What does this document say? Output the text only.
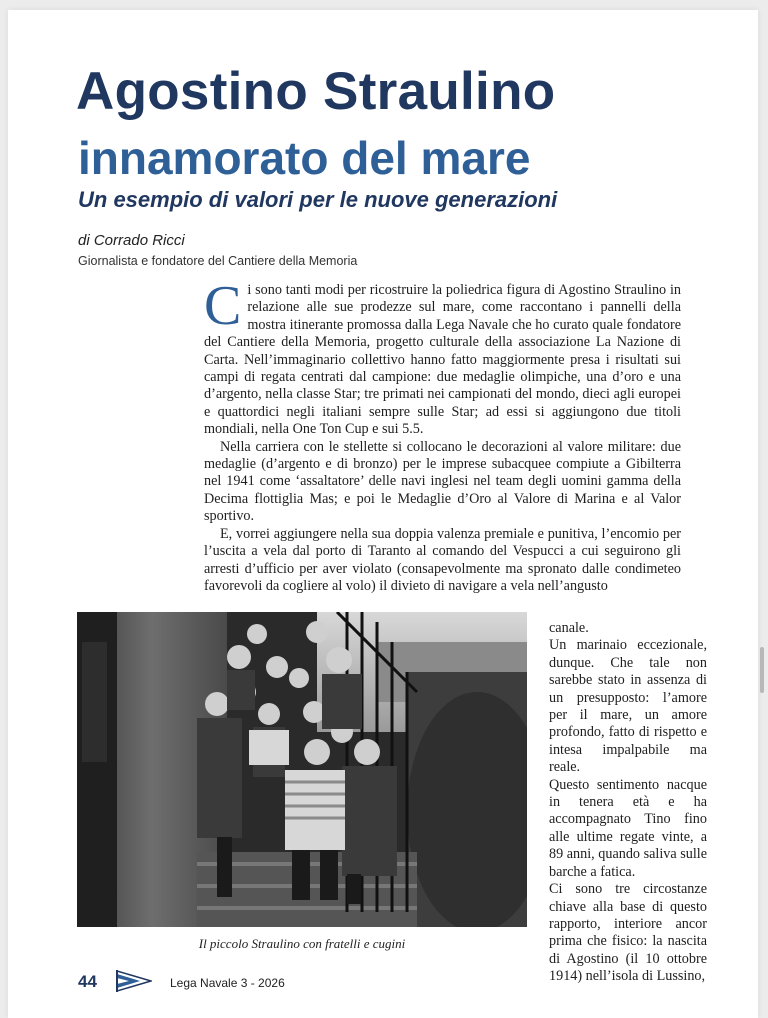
Agostino Straulino
innamorato del mare
Un esempio di valori per le nuove generazioni
di Corrado Ricci
Giornalista e fondatore del Cantiere della Memoria

Ci sono tanti modi per ricostruire la poliedrica figura di Agostino Straulino in relazione alle sue prodezze sul mare, come raccontano i pannelli della mostra itinerante promossa dalla Lega Navale che ho curato quale fondatore del Cantiere della Memoria, progetto culturale della associazione La Nazione di Carta. Nell’immaginario collettivo hanno fatto maggiormente presa i risultati sui campi di regata centrati dal campione: due medaglie olimpiche, una d’oro e una d’argento, nella classe Star; tre primati nei campionati del mondo, dieci agli europei e quattordici negli italiani sempre sulle Star; ad essi si aggiungono due titoli mondiali, nella One Ton Cup e sui 5.5.

Nella carriera con le stellette si collocano le decorazioni al valore militare: due medaglie (d’argento e di bronzo) per le imprese subacquee compiute a Gibilterra nel 1941 come ‘assaltatore’ delle navi inglesi nel team degli uomini gamma della Decima flottiglia Mas; e poi le Medaglie d’Oro al Valore di Marina e al Valor sportivo.

E, vorrei aggiungere nella sua doppia valenza premiale e punitiva, l’encomio per l’uscita a vela dal porto di Taranto al comando del Vespucci a cui seguirono gli arresti d’ufficio per aver violato (consapevolmente ma spronato dalle condimeteo favorevoli da cogliere al volo) il divieto di navigare a vela nell’angusto

Il piccolo Straulino con fratelli e cugini

canale.

Un marinaio eccezionale, dunque. Che tale non sarebbe stato in assenza di un presupposto: l’amore per il mare, un amore profondo, fatto di rispetto e intesa impalpabile ma reale.

Questo sentimento nacque in tenera età e ha accompagnato Tino fino alle ultime regate vinte, a 89 anni, quando saliva sulle barche a fatica.

Ci sono tre circostanze chiave alla base di questo rapporto, interiore ancor prima che fisico: la nascita di Agostino (il 10 ottobre 1914) nell’isola di Lussino,

44	Lega Navale 3 - 2026
